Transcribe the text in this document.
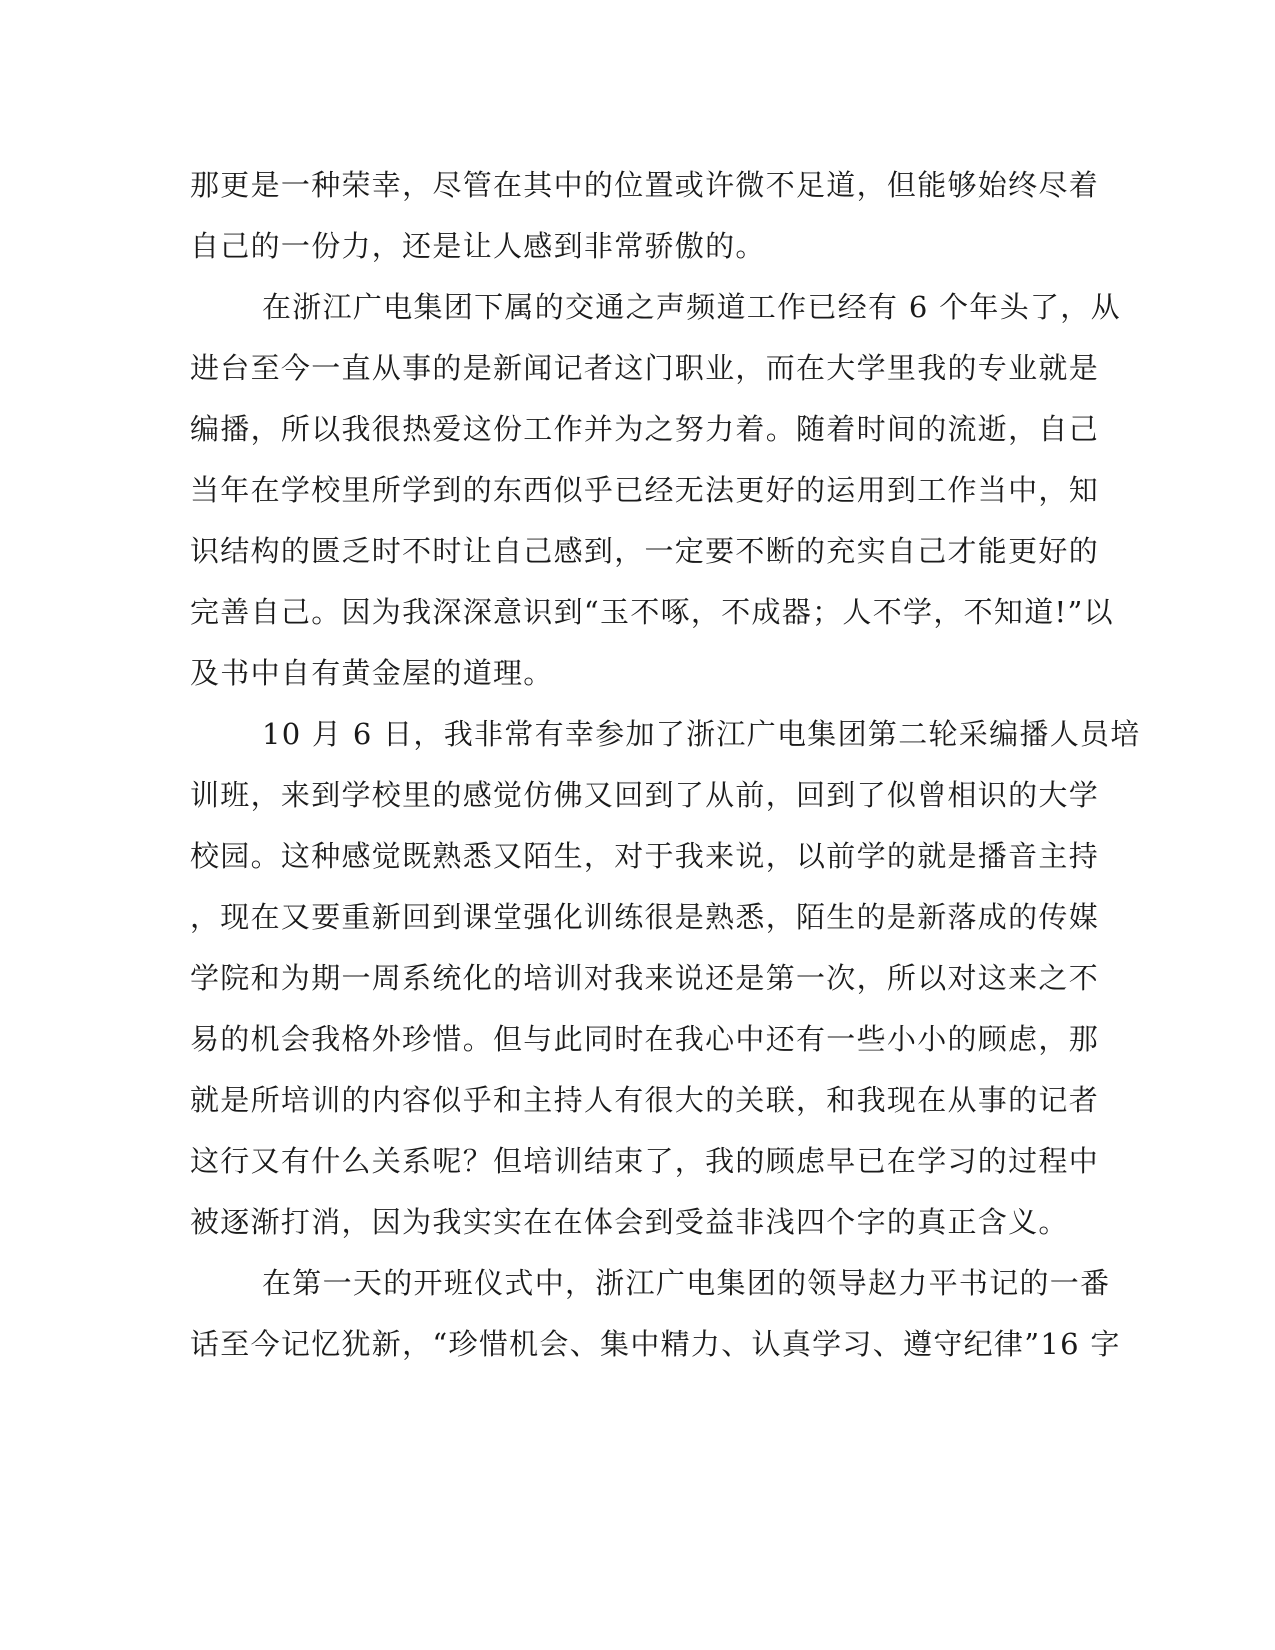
那更是一种荣幸，尽管在其中的位置或许微不足道，但能够始终尽着
自己的一份力，还是让人感到非常骄傲的。
在浙江广电集团下属的交通之声频道工作已经有 6 个年头了，从
进台至今一直从事的是新闻记者这门职业，而在大学里我的专业就是
编播，所以我很热爱这份工作并为之努力着。随着时间的流逝，自己
当年在学校里所学到的东西似乎已经无法更好的运用到工作当中，知
识结构的匮乏时不时让自己感到，一定要不断的充实自己才能更好的
完善自己。因为我深深意识到“玉不啄，不成器；人不学，不知道!”以
及书中自有黄金屋的道理。
10 月 6 日，我非常有幸参加了浙江广电集团第二轮采编播人员培
训班，来到学校里的感觉仿佛又回到了从前，回到了似曾相识的大学
校园。这种感觉既熟悉又陌生，对于我来说，以前学的就是播音主持
，现在又要重新回到课堂强化训练很是熟悉，陌生的是新落成的传媒
学院和为期一周系统化的培训对我来说还是第一次，所以对这来之不
易的机会我格外珍惜。但与此同时在我心中还有一些小小的顾虑，那
就是所培训的内容似乎和主持人有很大的关联，和我现在从事的记者
这行又有什么关系呢？但培训结束了，我的顾虑早已在学习的过程中
被逐渐打消，因为我实实在在体会到受益非浅四个字的真正含义。
在第一天的开班仪式中，浙江广电集团的领导赵力平书记的一番
话至今记忆犹新，“珍惜机会、集中精力、认真学习、遵守纪律”16 字
